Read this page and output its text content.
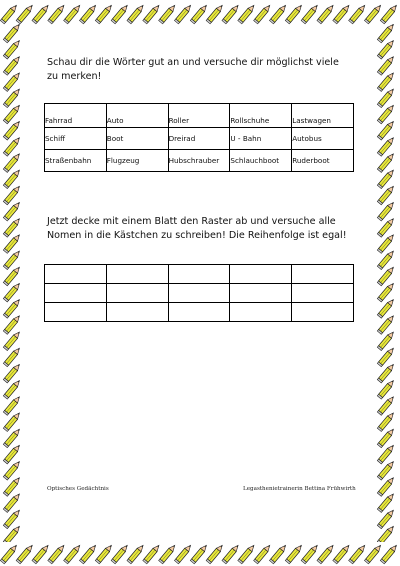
Schau dir die Wörter gut an und versuche dir möglichst viele zu merken!
Fahrrad	Auto	Roller	Rollschuhe	Lastwagen
Schiff	Boot	Dreirad	U - Bahn	Autobus
Straßenbahn	Flugzeug	Hubschrauber	Schlauchboot	Ruderboot
Jetzt decke mit einem Blatt den Raster ab und versuche alle Nomen in die Kästchen zu schreiben! Die Reihenfolge ist egal!

Optisches Gedächtnis	Legasthenietrainerin Bettina Frühwirth
